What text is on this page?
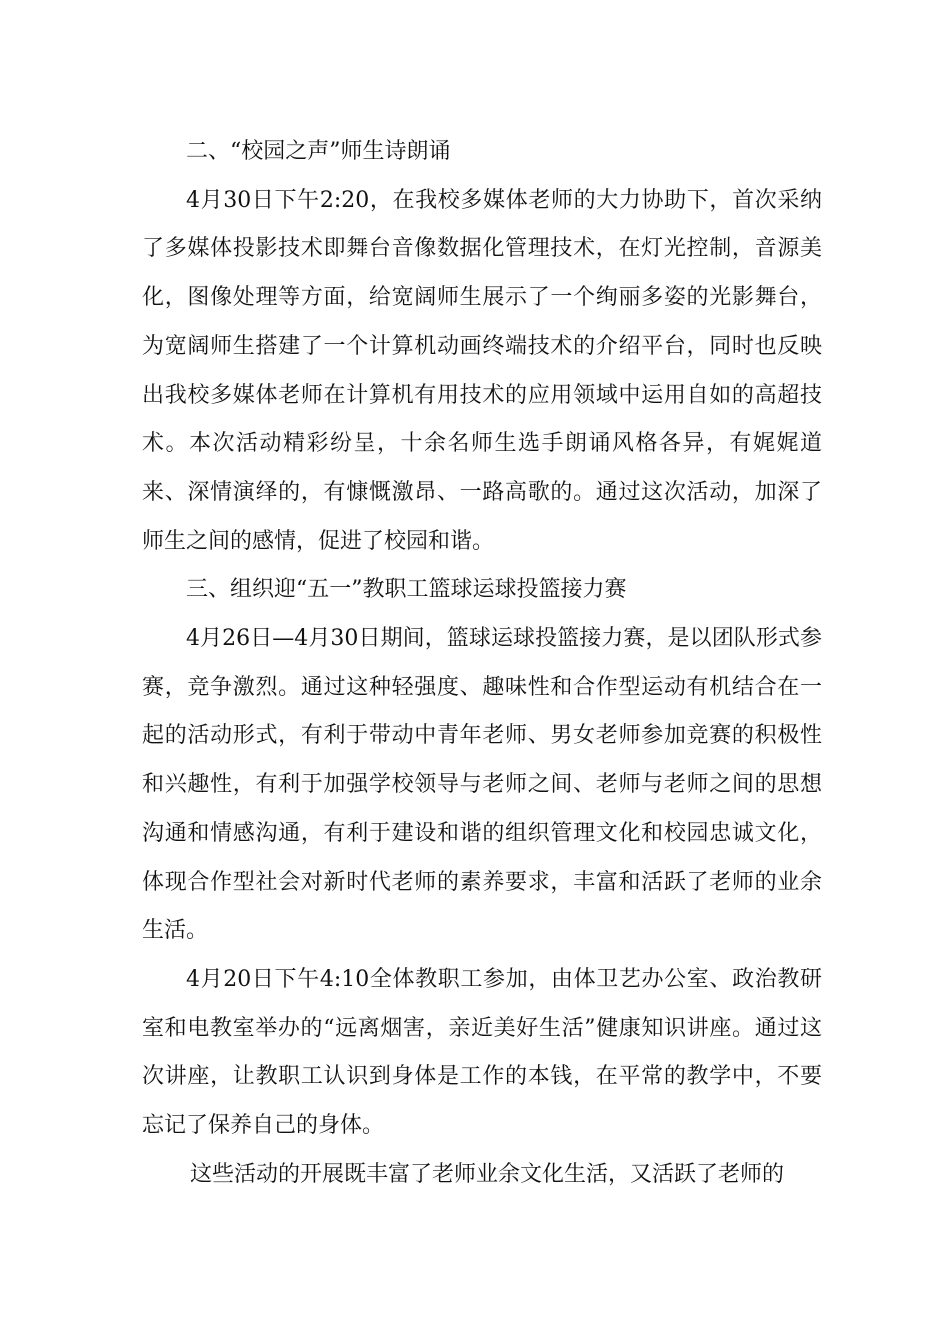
二、“校园之声”师生诗朗诵

4月30日下午2:20，在我校多媒体老师的大力协助下，首次采纳了多媒体投影技术即舞台音像数据化管理技术，在灯光控制，音源美化，图像处理等方面，给宽阔师生展示了一个绚丽多姿的光影舞台，为宽阔师生搭建了一个计算机动画终端技术的介绍平台，同时也反映出我校多媒体老师在计算机有用技术的应用领域中运用自如的高超技术。本次活动精彩纷呈，十余名师生选手朗诵风格各异，有娓娓道来、深情演绎的，有慷慨激昂、一路高歌的。通过这次活动，加深了师生之间的感情，促进了校园和谐。

三、组织迎“五一”教职工篮球运球投篮接力赛

4月26日—4月30日期间，篮球运球投篮接力赛，是以团队形式参赛，竞争激烈。通过这种轻强度、趣味性和合作型运动有机结合在一起的活动形式，有利于带动中青年老师、男女老师参加竞赛的积极性和兴趣性，有利于加强学校领导与老师之间、老师与老师之间的思想沟通和情感沟通，有利于建设和谐的组织管理文化和校园忠诚文化，体现合作型社会对新时代老师的素养要求，丰富和活跃了老师的业余生活。

4月20日下午4:10全体教职工参加，由体卫艺办公室、政治教研室和电教室举办的“远离烟害，亲近美好生活”健康知识讲座。通过这次讲座，让教职工认识到身体是工作的本钱，在平常的教学中，不要忘记了保养自己的身体。

这些活动的开展既丰富了老师业余文化生活，又活跃了老师的
